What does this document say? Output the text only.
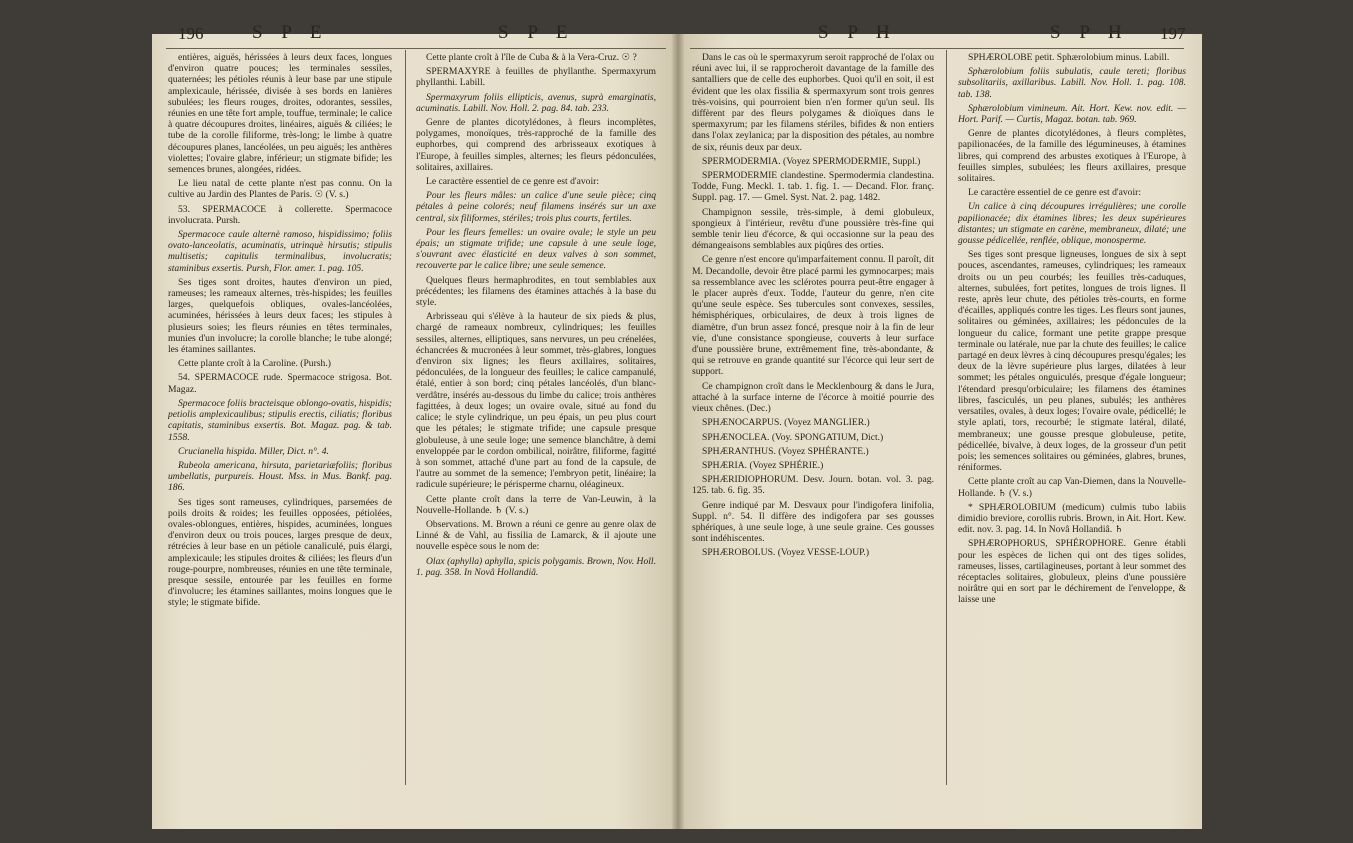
196	S P E	S P E

entières, aiguës, hérissées à leurs deux faces, longues d'environ quatre pouces; les terminales sessiles, quaternées; les pétioles réunis à leur base par une stipule amplexicaule, hérissée, divisée à ses bords en lanières subulées; les fleurs rouges, droites, odorantes, sessiles, réunies en une tête fort ample, touffue, terminale; le calice à quatre découpures droites, linéaires, aiguës & ciliées; le tube de la corolle filiforme, très-long; le limbe à quatre découpures planes, lancéolées, un peu aiguës; les anthères violettes; l'ovaire glabre, inférieur; un stigmate bifide; les semences brunes, alongées, ridées.

Le lieu natal de cette plante n'est pas connu. On la cultive au Jardin des Plantes de Paris. ☉ (V. s.)

53. SPERMACOCE à collerette. Spermacoce involucrata. Pursh.

Spermacoce caule alternè ramoso, hispidissimo; foliis ovato-lanceolatis, acuminatis, utrinquè hirsutis; stipulis multisetis; capitulis terminalibus, involucratis; staminibus exsertis. Pursh, Flor. amer. 1. pag. 105.

Ses tiges sont droites, hautes d'environ un pied, rameuses; les rameaux alternes, très-hispides; les feuilles larges, quelquefois obliques, ovales-lancéolées, acuminées, hérissées à leurs deux faces; les stipules à plusieurs soies; les fleurs réunies en têtes terminales, munies d'un involucre; la corolle blanche; le tube alongé; les étamines saillantes.

Cette plante croît à la Caroline. (Pursh.)

54. SPERMACOCE rude. Spermacoce strigosa. Bot. Magaz.

Spermacoce foliis bracteisque oblongo-ovatis, hispidis; petiolis amplexicaulibus; stipulis erectis, ciliatis; floribus capitatis, staminibus exsertis. Bot. Magaz. pag. & tab. 1558.

Crucianella hispida. Miller, Dict. n°. 4.

Rubeola americana, hirsuta, parietariæfoliis; floribus umbellatis, purpureis. Houst. Mss. in Mus. Bankf. pag. 186.

Ses tiges sont rameuses, cylindriques, parsemées de poils droits & roides; les feuilles opposées, pétiolées, ovales-oblongues, entières, hispides, acuminées, longues d'environ deux ou trois pouces, larges presque de deux, rétrécies à leur base en un pétiole canaliculé, puis élargi, amplexicaule; les stipules droites & ciliées; les fleurs d'un rouge-pourpre, nombreuses, réunies en une tête terminale, presque sessile, entourée par les feuilles en forme d'involucre; les étamines saillantes, moins longues que le style; le stigmate bifide.

Cette plante croît à l'île de Cuba & à la Vera-Cruz. ☉ ?

SPERMAXYRE à feuilles de phyllanthe. Spermaxyrum phyllanthi. Labill.

Spermaxyrum foliis ellipticis, avenus, suprà emarginatis, acuminatis. Labill. Nov. Holl. 2. pag. 84. tab. 233.

Genre de plantes dicotylédones, à fleurs incomplètes, polygames, monoïques, très-rapproché de la famille des euphorbes, qui comprend des arbrisseaux exotiques à l'Europe, à feuilles simples, alternes; les fleurs pédonculées, solitaires, axillaires.

Le caractère essentiel de ce genre est d'avoir:

Pour les fleurs mâles: un calice d'une seule pièce; cinq pétales à peine colorés; neuf filamens insérés sur un axe central, six filiformes, stériles; trois plus courts, fertiles.

Pour les fleurs femelles: un ovaire ovale; le style un peu épais; un stigmate trifide; une capsule à une seule loge, s'ouvrant avec élasticité en deux valves à son sommet, recouverte par le calice libre; une seule semence.

Quelques fleurs hermaphrodites, en tout semblables aux précédentes; les filamens des étamines attachés à la base du style.

Arbrisseau qui s'élève à la hauteur de six pieds & plus, chargé de rameaux nombreux, cylindriques; les feuilles sessiles, alternes, elliptiques, sans nervures, un peu crénelées, échancrées & mucronées à leur sommet, très-glabres, longues d'environ six lignes; les fleurs axillaires, solitaires, pédonculées, de la longueur des feuilles; le calice campanulé, étalé, entier à son bord; cinq pétales lancéolés, d'un blanc-verdâtre, insérés au-dessous du limbe du calice; trois anthères fagittées, à deux loges; un ovaire ovale, situé au fond du calice; le style cylindrique, un peu épais, un peu plus court que les pétales; le stigmate trifide; une capsule presque globuleuse, à une seule loge; une semence blanchâtre, à demi enveloppée par le cordon ombilical, noirâtre, filiforme, fagitté à son sommet, attaché d'une part au fond de la capsule, de l'autre au sommet de la semence; l'embryon petit, linéaire; la radicule supérieure; le périsperme charnu, oléagineux.

Cette plante croît dans la terre de Van-Leuwin, à la Nouvelle-Hollande. ♄ (V. s.)

Observations. M. Brown a réuni ce genre au genre olax de Linné & de Vahl, au fissilia de Lamarck, & il ajoute une nouvelle espèce sous le nom de:

Olax (aphylla) aphylla, spicis polygamis. Brown, Nov. Holl. 1. pag. 358. In Novâ Hollandiâ.

S P H	S P H 197

Dans le cas où le spermaxyrum seroit rapproché de l'olax ou réuni avec lui, il se rapprocheroit davantage de la famille des santalliers que de celle des euphorbes. Quoi qu'il en soit, il est évident que les olax fissilia & spermaxyrum sont trois genres très-voisins, qui pourroient bien n'en former qu'un seul. Ils diffèrent par des fleurs polygames & dioïques dans le spermaxyrum; par les filamens stériles, bifides & non entiers dans l'olax zeylanica; par la disposition des pétales, au nombre de six, réunis deux par deux.

SPERMODERMIA. (Voyez SPERMODERMIE, Suppl.)

SPERMODERMIE clandestine. Spermodermia clandestina. Todde, Fung. Meckl. 1. tab. 1. fig. 1. — Decand. Flor. franç. Suppl. pag. 17. — Gmel. Syst. Nat. 2. pag. 1482.

Champignon sessile, très-simple, à demi globuleux, spongieux à l'intérieur, revêtu d'une poussière très-fine qui semble tenir lieu d'écorce, & qui occasionne sur la peau des démangeaisons semblables aux piqûres des orties.

Ce genre n'est encore qu'imparfaitement connu. Il paroît, dit M. Decandolle, devoir être placé parmi les gymnocarpes; mais sa ressemblance avec les sclérotes pourra peut-être engager à le placer auprès d'eux. Todde, l'auteur du genre, n'en cite qu'une seule espèce. Ses tubercules sont convexes, sessiles, hémisphériques, orbiculaires, de deux à trois lignes de diamètre, d'un brun assez foncé, presque noir à la fin de leur vie, d'une consistance spongieuse, couverts à leur surface d'une poussière brune, extrêmement fine, très-abondante, & qui se retrouve en grande quantité sur l'écorce qui leur sert de support.

Ce champignon croît dans le Mecklenbourg & dans le Jura, attaché à la surface interne de l'écorce à moitié pourrie des vieux chênes. (Dec.)

SPHÆNOCARPUS. (Voyez MANGLIER.)

SPHÆNOCLEA. (Voy. SPONGATIUM, Dict.)

SPHÆRANTHUS. (Voyez SPHÉRANTE.)

SPHÆRIA. (Voyez SPHÉRIE.)

SPHÆRIDIOPHORUM. Desv. Journ. botan. vol. 3. pag. 125. tab. 6. fig. 35.

Genre indiqué par M. Desvaux pour l'indigofera linifolia, Suppl. n°. 54. Il diffère des indigofera par ses gousses sphériques, à une seule loge, à une seule graine. Ces gousses sont indéhiscentes.

SPHÆROBOLUS. (Voyez VESSE-LOUP.)

SPHÆROLOBE petit. Sphærolobium minus. Labill.

Sphærolobium foliis subulatis, caule tereti; floribus subsolitariis, axillaribus. Labill. Nov. Holl. 1. pag. 108. tab. 138.

Sphærolobium vimineum. Ait. Hort. Kew. nov. edit. — Hort. Parif. — Curtis, Magaz. botan. tab. 969.

Genre de plantes dicotylédones, à fleurs complètes, papilionacées, de la famille des légumineuses, à étamines libres, qui comprend des arbustes exotiques à l'Europe, à feuilles simples, subulées; les fleurs axillaires, presque solitaires.

Le caractère essentiel de ce genre est d'avoir:

Un calice à cinq découpures irrégulières; une corolle papilionacée; dix étamines libres; les deux supérieures distantes; un stigmate en carène, membraneux, dilaté; une gousse pédicellée, renflée, oblique, monosperme.

Ses tiges sont presque ligneuses, longues de six à sept pouces, ascendantes, rameuses, cylindriques; les rameaux droits ou un peu courbés; les feuilles très-caduques, alternes, subulées, fort petites, longues de trois lignes. Il reste, après leur chute, des pétioles très-courts, en forme d'écailles, appliqués contre les tiges. Les fleurs sont jaunes, solitaires ou géminées, axillaires; les pédoncules de la longueur du calice, formant une petite grappe presque terminale ou latérale, nue par la chute des feuilles; le calice partagé en deux lèvres à cinq découpures presqu'égales; les deux de la lèvre supérieure plus larges, dilatées à leur sommet; les pétales onguiculés, presque d'égale longueur; l'étendard presqu'orbiculaire; les filamens des étamines libres, fasciculés, un peu planes, subulés; les anthères versatiles, ovales, à deux loges; l'ovaire ovale, pédicellé; le style aplati, tors, recourbé; le stigmate latéral, dilaté, membraneux; une gousse presque globuleuse, petite, pédicellée, bivalve, à deux loges, de la grosseur d'un petit pois; les semences solitaires ou géminées, glabres, brunes, réniformes.

Cette plante croît au cap Van-Diemen, dans la Nouvelle-Hollande. ♄ (V. s.)

* SPHÆROLOBIUM (medicum) culmis tubo labiis dimidio breviore, corollis rubris. Brown, in Ait. Hort. Kew. edit. nov. 3. pag. 14. In Novâ Hollandiâ. ♄

SPHÆROPHORUS, SPHÉROPHORE. Genre établi pour les espèces de lichen qui ont des tiges solides, rameuses, lisses, cartilagineuses, portant à leur sommet des réceptacles solitaires, globuleux, pleins d'une poussière noirâtre qui en sort par le déchirement de l'enveloppe, & laisse une
